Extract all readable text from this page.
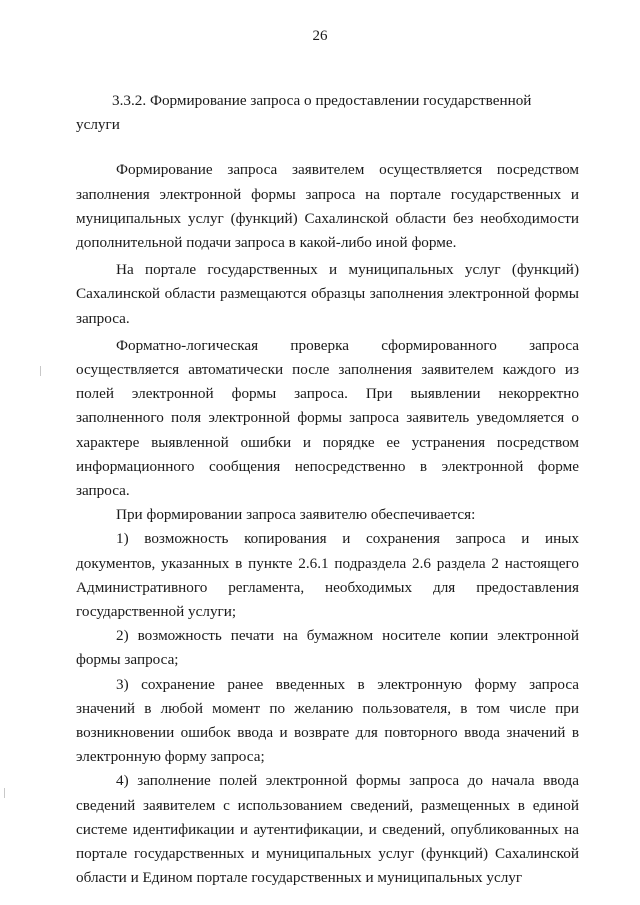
26

3.3.2. Формирование запроса о предоставлении государственной услуги

Формирование запроса заявителем осуществляется посредством заполнения электронной формы запроса на портале государственных и муниципальных услуг (функций) Сахалинской области без необходимости дополнительной подачи запроса в какой-либо иной форме.

На портале государственных и муниципальных услуг (функций) Сахалинской области размещаются образцы заполнения электронной формы запроса.

Форматно-логическая проверка сформированного запроса осуществляется автоматически после заполнения заявителем каждого из полей электронной формы запроса. При выявлении некорректно заполненного поля электронной формы запроса заявитель уведомляется о характере выявленной ошибки и порядке ее устранения посредством информационного сообщения непосредственно в электронной форме запроса.

При формировании запроса заявителю обеспечивается:

1) возможность копирования и сохранения запроса и иных документов, указанных в пункте 2.6.1 подраздела 2.6 раздела 2 настоящего Административного регламента, необходимых для предоставления государственной услуги;

2) возможность печати на бумажном носителе копии электронной формы запроса;

3) сохранение ранее введенных в электронную форму запроса значений в любой момент по желанию пользователя, в том числе при возникновении ошибок ввода и возврате для повторного ввода значений в электронную форму запроса;

4) заполнение полей электронной формы запроса до начала ввода сведений заявителем с использованием сведений, размещенных в единой системе идентификации и аутентификации, и сведений, опубликованных на портале государственных и муниципальных услуг (функций) Сахалинской области и Едином портале государственных и муниципальных услуг
